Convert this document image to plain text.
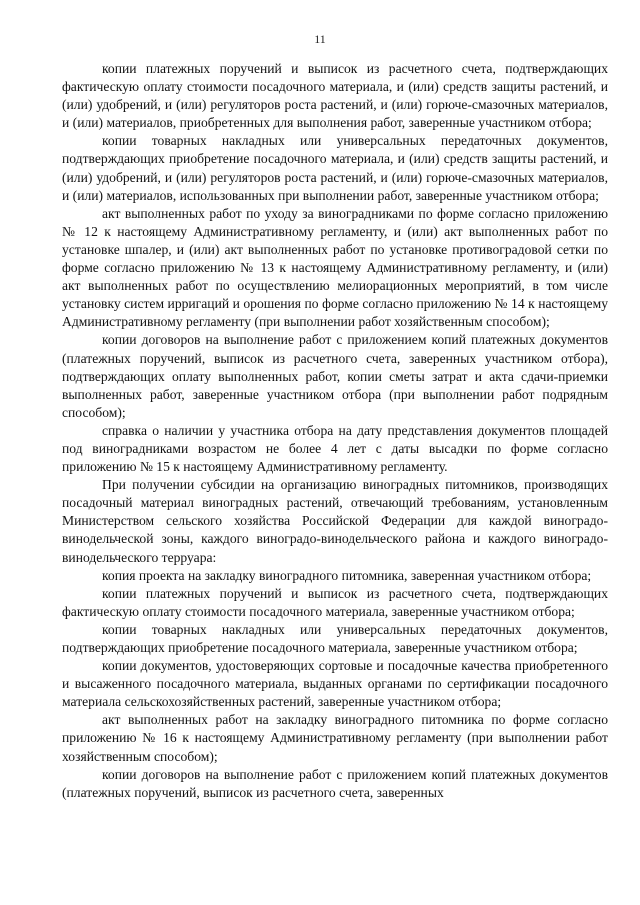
11

копии платежных поручений и выписок из расчетного счета, подтверждающих фактическую оплату стоимости посадочного материала, и (или) средств защиты растений, и (или) удобрений, и (или) регуляторов роста растений, и (или) горюче-смазочных материалов, и (или) материалов, приобретенных для выполнения работ, заверенные участником отбора;

копии товарных накладных или универсальных передаточных документов, подтверждающих приобретение посадочного материала, и (или) средств защиты растений, и (или) удобрений, и (или) регуляторов роста растений, и (или) горюче-смазочных материалов, и (или) материалов, использованных при выполнении работ, заверенные участником отбора;

акт выполненных работ по уходу за виноградниками по форме согласно приложению № 12 к настоящему Административному регламенту, и (или) акт выполненных работ по установке шпалер, и (или) акт выполненных работ по установке противоградовой сетки по форме согласно приложению № 13 к настоящему Административному регламенту, и (или) акт выполненных работ по осуществлению мелиорационных мероприятий, в том числе установку систем ирригаций и орошения по форме согласно приложению № 14 к настоящему Административному регламенту (при выполнении работ хозяйственным способом);

копии договоров на выполнение работ с приложением копий платежных документов (платежных поручений, выписок из расчетного счета, заверенных участником отбора), подтверждающих оплату выполненных работ, копии сметы затрат и акта сдачи-приемки выполненных работ, заверенные участником отбора (при выполнении работ подрядным способом);

справка о наличии у участника отбора на дату представления документов площадей под виноградниками возрастом не более 4 лет с даты высадки по форме согласно приложению № 15 к настоящему Административному регламенту.

При получении субсидии на организацию виноградных питомников, производящих посадочный материал виноградных растений, отвечающий требованиям, установленным Министерством сельского хозяйства Российской Федерации для каждой виноградо-винодельческой зоны, каждого виноградо-винодельческого района и каждого виноградо-винодельческого терруара:

копия проекта на закладку виноградного питомника, заверенная участником отбора;

копии платежных поручений и выписок из расчетного счета, подтверждающих фактическую оплату стоимости посадочного материала, заверенные участником отбора;

копии товарных накладных или универсальных передаточных документов, подтверждающих приобретение посадочного материала, заверенные участником отбора;

копии документов, удостоверяющих сортовые и посадочные качества приобретенного и высаженного посадочного материала, выданных органами по сертификации посадочного материала сельскохозяйственных растений, заверенные участником отбора;

акт выполненных работ на закладку виноградного питомника по форме согласно приложению № 16 к настоящему Административному регламенту (при выполнении работ хозяйственным способом);

копии договоров на выполнение работ с приложением копий платежных документов (платежных поручений, выписок из расчетного счета, заверенных
